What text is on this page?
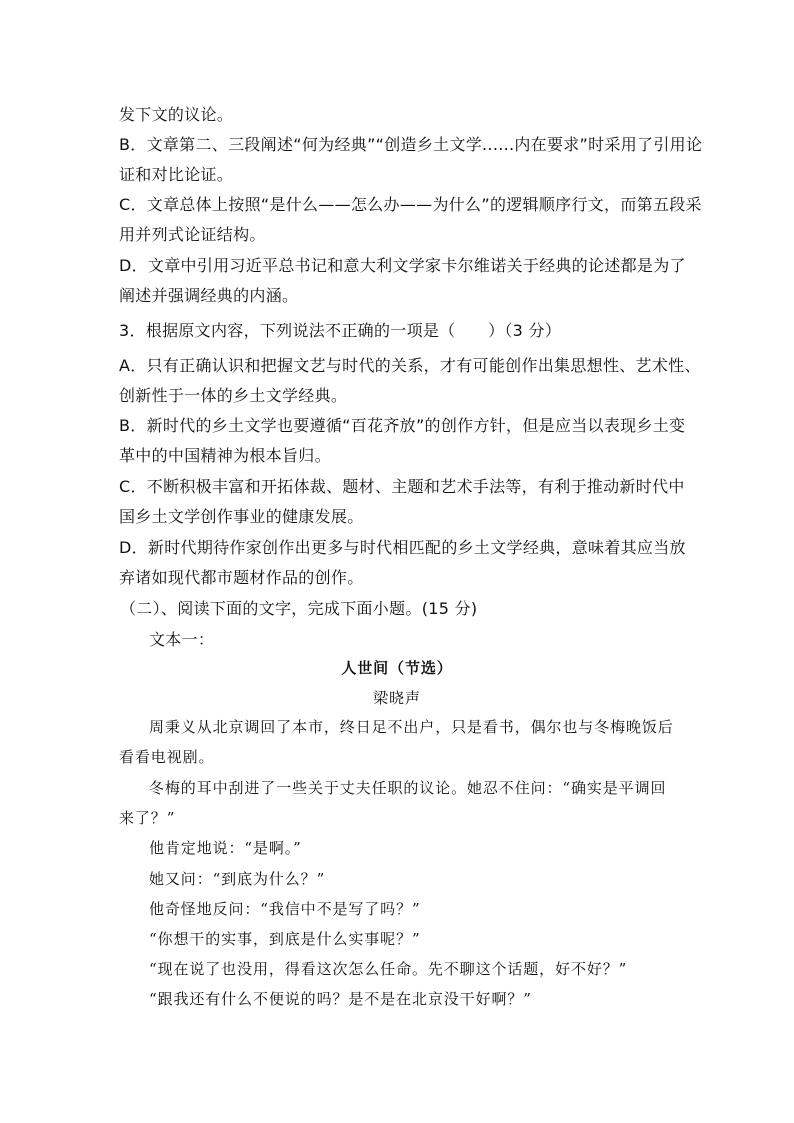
发下文的议论。
B．文章第二、三段阐述“何为经典”“创造乡土文学......内在要求”时采用了引用论
证和对比论证。
C．文章总体上按照“是什么——怎么办——为什么”的逻辑顺序行文，而第五段采
用并列式论证结构。
D．文章中引用习近平总书记和意大利文学家卡尔维诺关于经典的论述都是为了
阐述并强调经典的内涵。
3．根据原文内容，下列说法不正确的一项是（　　）（3 分）
A．只有正确认识和把握文艺与时代的关系，才有可能创作出集思想性、艺术性、
创新性于一体的乡土文学经典。
B．新时代的乡土文学也要遵循“百花齐放”的创作方针，但是应当以表现乡土变
革中的中国精神为根本旨归。
C．不断积极丰富和开拓体裁、题材、主题和艺术手法等，有利于推动新时代中
国乡土文学创作事业的健康发展。
D．新时代期待作家创作出更多与时代相匹配的乡土文学经典，意味着其应当放
弃诸如现代都市题材作品的创作。
（二）、阅读下面的文字，完成下面小题。(15 分)
文本一：
人世间（节选）
梁晓声
周秉义从北京调回了本市，终日足不出户，只是看书，偶尔也与冬梅晚饭后
看看电视剧。
冬梅的耳中刮进了一些关于丈夫任职的议论。她忍不住问：“确实是平调回
来了？”
他肯定地说：“是啊。”
她又问：“到底为什么？”
他奇怪地反问：“我信中不是写了吗？”
“你想干的实事，到底是什么实事呢？”
“现在说了也没用，得看这次怎么任命。先不聊这个话题，好不好？”
“跟我还有什么不便说的吗？是不是在北京没干好啊？”
